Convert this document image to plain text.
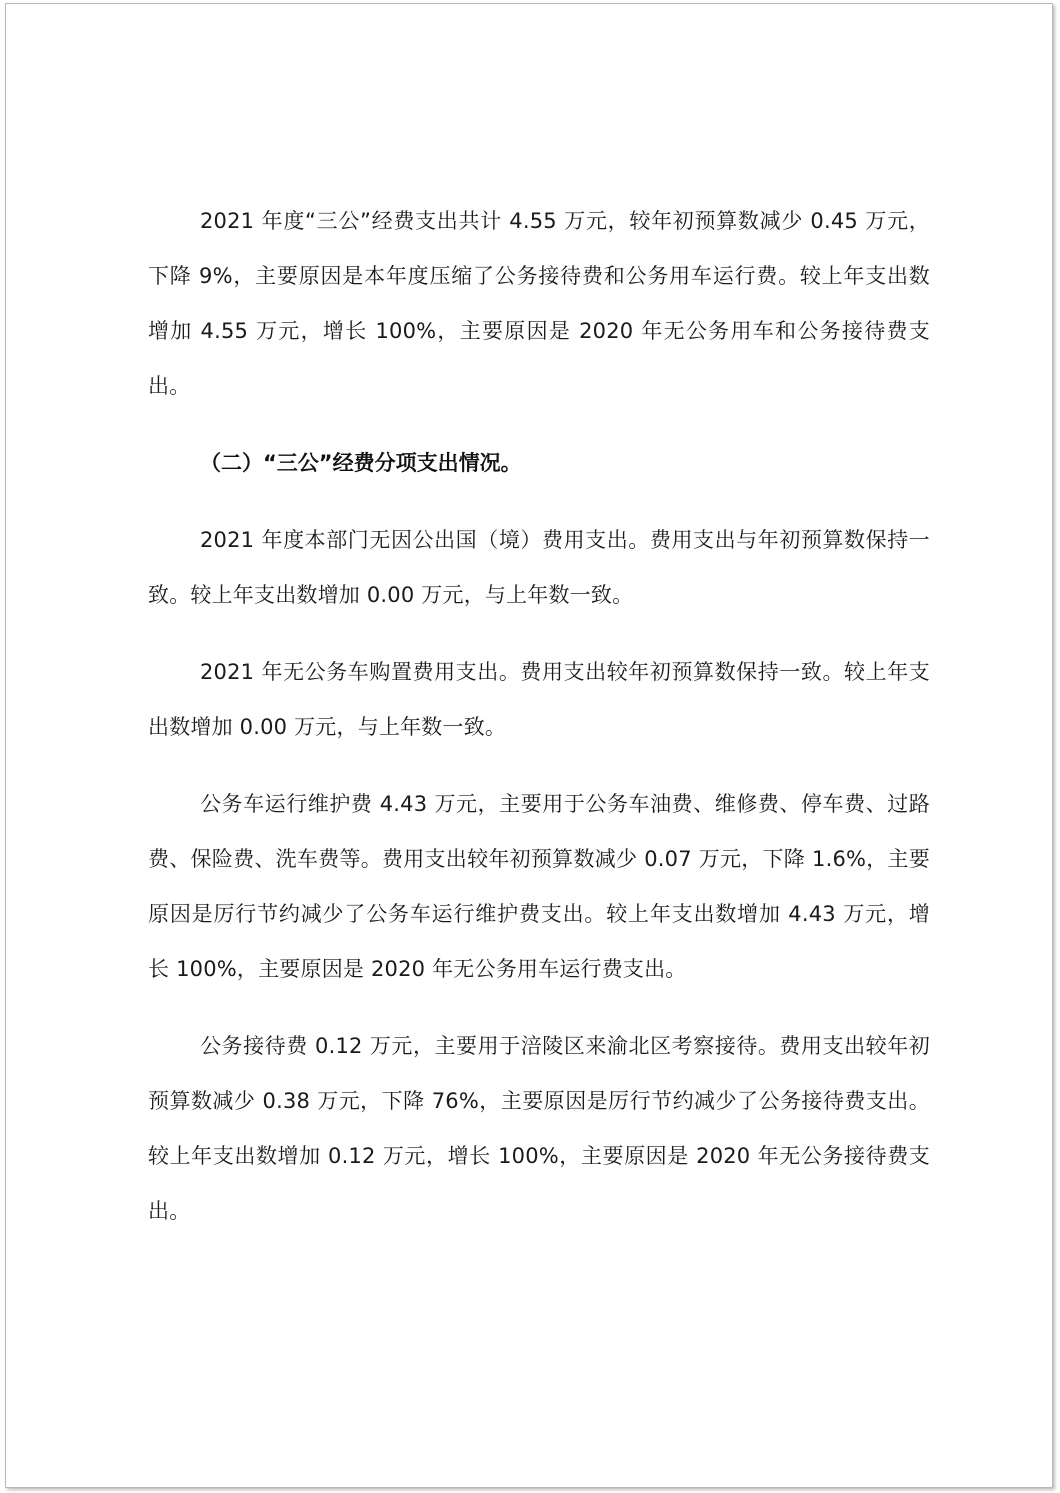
2021 年度“三公”经费支出共计 4.55 万元，较年初预算数减少 0.45 万元，下降 9%，主要原因是本年度压缩了公务接待费和公务用车运行费。较上年支出数增加 4.55 万元，增长 100%，主要原因是 2020 年无公务用车和公务接待费支出。

（二）“三公”经费分项支出情况。

2021 年度本部门无因公出国（境）费用支出。费用支出与年初预算数保持一致。较上年支出数增加 0.00 万元，与上年数一致。

2021 年无公务车购置费用支出。费用支出较年初预算数保持一致。较上年支出数增加 0.00 万元，与上年数一致。

公务车运行维护费 4.43 万元，主要用于公务车油费、维修费、停车费、过路费、保险费、洗车费等。费用支出较年初预算数减少 0.07 万元，下降 1.6%，主要原因是厉行节约减少了公务车运行维护费支出。较上年支出数增加 4.43 万元，增长 100%，主要原因是 2020 年无公务用车运行费支出。

公务接待费 0.12 万元，主要用于涪陵区来渝北区考察接待。费用支出较年初预算数减少 0.38 万元，下降 76%，主要原因是厉行节约减少了公务接待费支出。较上年支出数增加 0.12 万元，增长 100%，主要原因是 2020 年无公务接待费支出。
